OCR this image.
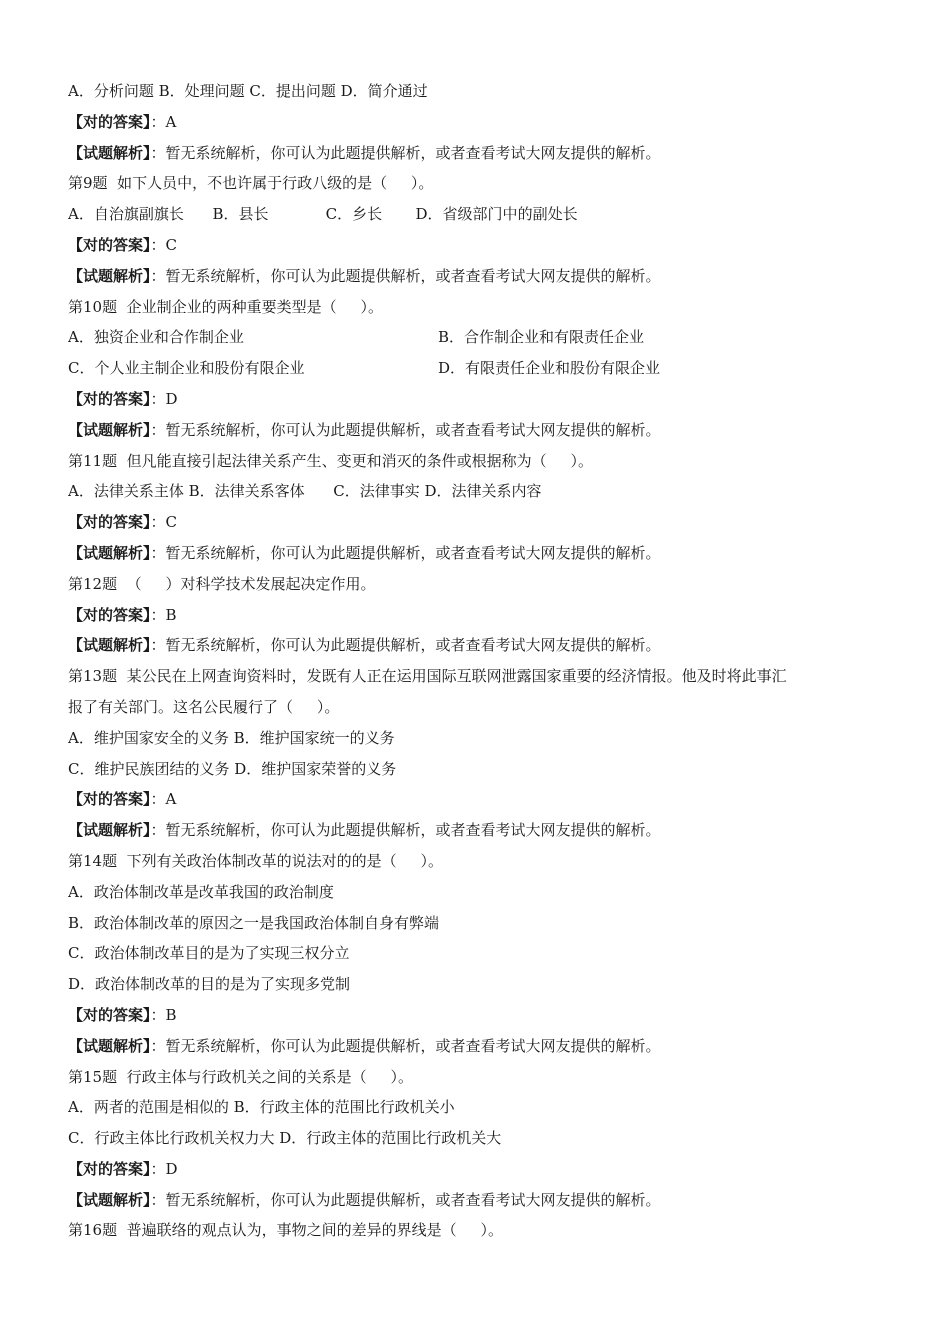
A．分析问题 B．处理问题 C．提出问题 D．简介通过
【对的答案】：A
【试题解析】：暂无系统解析，你可认为此题提供解析，或者查看考试大网友提供的解析。
第9题  如下人员中，不也许属于行政八级的是（     ）。
A．自治旗副旗长      B．县长            C．乡长       D．省级部门中的副处长
【对的答案】：C
【试题解析】：暂无系统解析，你可认为此题提供解析，或者查看考试大网友提供的解析。
第10题  企业制企业的两种重要类型是（     ）。
A．独资企业和合作制企业	B．合作制企业和有限责任企业
C．个人业主制企业和股份有限企业	D．有限责任企业和股份有限企业
【对的答案】：D
【试题解析】：暂无系统解析，你可认为此题提供解析，或者查看考试大网友提供的解析。
第11题  但凡能直接引起法律关系产生、变更和消灭的条件或根据称为（     ）。
A．法律关系主体 B．法律关系客体      C．法律事实 D．法律关系内容
【对的答案】：C
【试题解析】：暂无系统解析，你可认为此题提供解析，或者查看考试大网友提供的解析。
第12题  （     ）对科学技术发展起决定作用。
【对的答案】：B
【试题解析】：暂无系统解析，你可认为此题提供解析，或者查看考试大网友提供的解析。
第13题  某公民在上网查询资料时，发既有人正在运用国际互联网泄露国家重要的经济情报。他及时将此事汇
报了有关部门。这名公民履行了（     ）。
A．维护国家安全的义务 B．维护国家统一的义务
C．维护民族团结的义务 D．维护国家荣誉的义务
【对的答案】：A
【试题解析】：暂无系统解析，你可认为此题提供解析，或者查看考试大网友提供的解析。
第14题  下列有关政治体制改革的说法对的的是（     ）。
A．政治体制改革是改革我国的政治制度
B．政治体制改革的原因之一是我国政治体制自身有弊端
C．政治体制改革目的是为了实现三权分立
D．政治体制改革的目的是为了实现多党制
【对的答案】：B
【试题解析】：暂无系统解析，你可认为此题提供解析，或者查看考试大网友提供的解析。
第15题  行政主体与行政机关之间的关系是（     ）。
A．两者的范围是相似的 B．行政主体的范围比行政机关小
C．行政主体比行政机关权力大 D．行政主体的范围比行政机关大
【对的答案】：D
【试题解析】：暂无系统解析，你可认为此题提供解析，或者查看考试大网友提供的解析。
第16题  普遍联络的观点认为，事物之间的差异的界线是（     ）。
